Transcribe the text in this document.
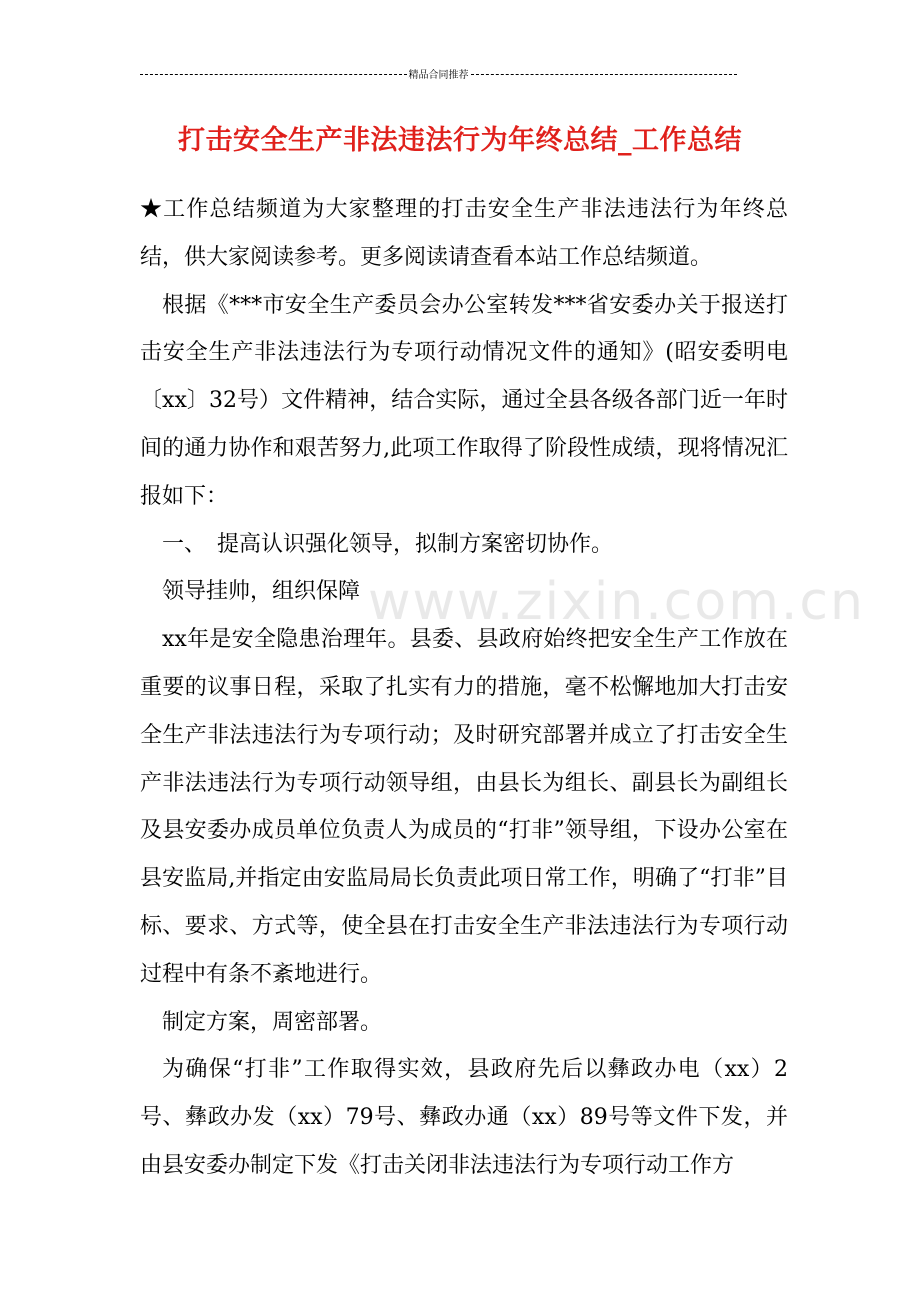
精品合同推荐
打击安全生产非法违法行为年终总结_工作总结
www.zixin.com.cn

★工作总结频道为大家整理的打击安全生产非法违法行为年终总结，供大家阅读参考。更多阅读请查看本站工作总结频道。

根据《***市安全生产委员会办公室转发***省安委办关于报送打击安全生产非法违法行为专项行动情况文件的通知》(昭安委明电〔xx〕32号）文件精神，结合实际，通过全县各级各部门近一年时间的通力协作和艰苦努力,此项工作取得了阶段性成绩，现将情况汇报如下：

一、　提高认识强化领导，拟制方案密切协作。

领导挂帅，组织保障

xx年是安全隐患治理年。县委、县政府始终把安全生产工作放在重要的议事日程，采取了扎实有力的措施，毫不松懈地加大打击安全生产非法违法行为专项行动；及时研究部署并成立了打击安全生产非法违法行为专项行动领导组，由县长为组长、副县长为副组长及县安委办成员单位负责人为成员的“打非”领导组，下设办公室在县安监局,并指定由安监局局长负责此项日常工作，明确了“打非”目标、要求、方式等，使全县在打击安全生产非法违法行为专项行动过程中有条不紊地进行。

制定方案，周密部署。

为确保“打非”工作取得实效，县政府先后以彝政办电（xx）2号、彝政办发（xx）79号、彝政办通（xx）89号等文件下发，并由县安委办制定下发《打击关闭非法违法行为专项行动工作方
